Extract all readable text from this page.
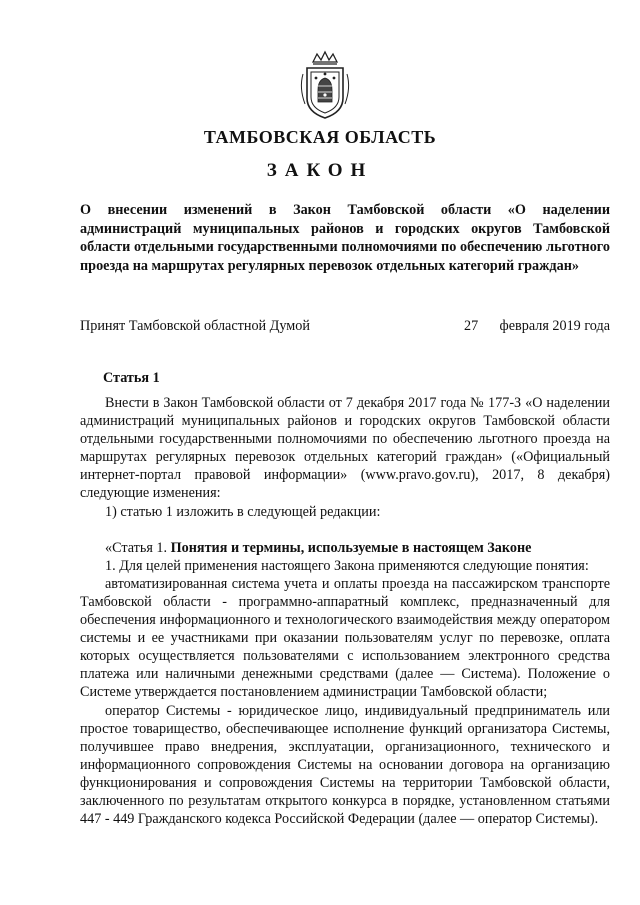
ТАМБОВСКАЯ ОБЛАСТЬ
ЗАКОН
О внесении изменений в Закон Тамбовской области «О наделении администраций муниципальных районов и городских округов Тамбовской области отдельными государственными полномочиями по обеспечению льготного проезда на маршрутах регулярных перевозок отдельных категорий граждан»
Принят Тамбовской областной Думой	27 февраля 2019 года
Статья 1

Внести в Закон Тамбовской области от 7 декабря 2017 года № 177-З «О наделении администраций муниципальных районов и городских округов Тамбовской области отдельными государственными полномочиями по обеспечению льготного проезда на маршрутах регулярных перевозок отдельных категорий граждан» («Официальный интернет-портал правовой информации» (www.pravo.gov.ru), 2017, 8 декабря) следующие изменения:

1) статью 1 изложить в следующей редакции:

«Статья 1. Понятия и термины, используемые в настоящем Законе

1. Для целей применения настоящего Закона применяются следующие понятия:

автоматизированная система учета и оплаты проезда на пассажирском транспорте Тамбовской области - программно-аппаратный комплекс, предназначенный для обеспечения информационного и технологического взаимодействия между оператором системы и ее участниками при оказании пользователям услуг по перевозке, оплата которых осуществляется пользователями с использованием электронного средства платежа или наличными денежными средствами (далее — Система). Положение о Системе утверждается постановлением администрации Тамбовской области;

оператор Системы - юридическое лицо, индивидуальный предприниматель или простое товарищество, обеспечивающее исполнение функций организатора Системы, получившее право внедрения, эксплуатации, организационного, технического и информационного сопровождения Системы на основании договора на организацию функционирования и сопровождения Системы на территории Тамбовской области, заключенного по результатам открытого конкурса в порядке, установленном статьями 447 - 449 Гражданского кодекса Российской Федерации (далее — оператор Системы).
